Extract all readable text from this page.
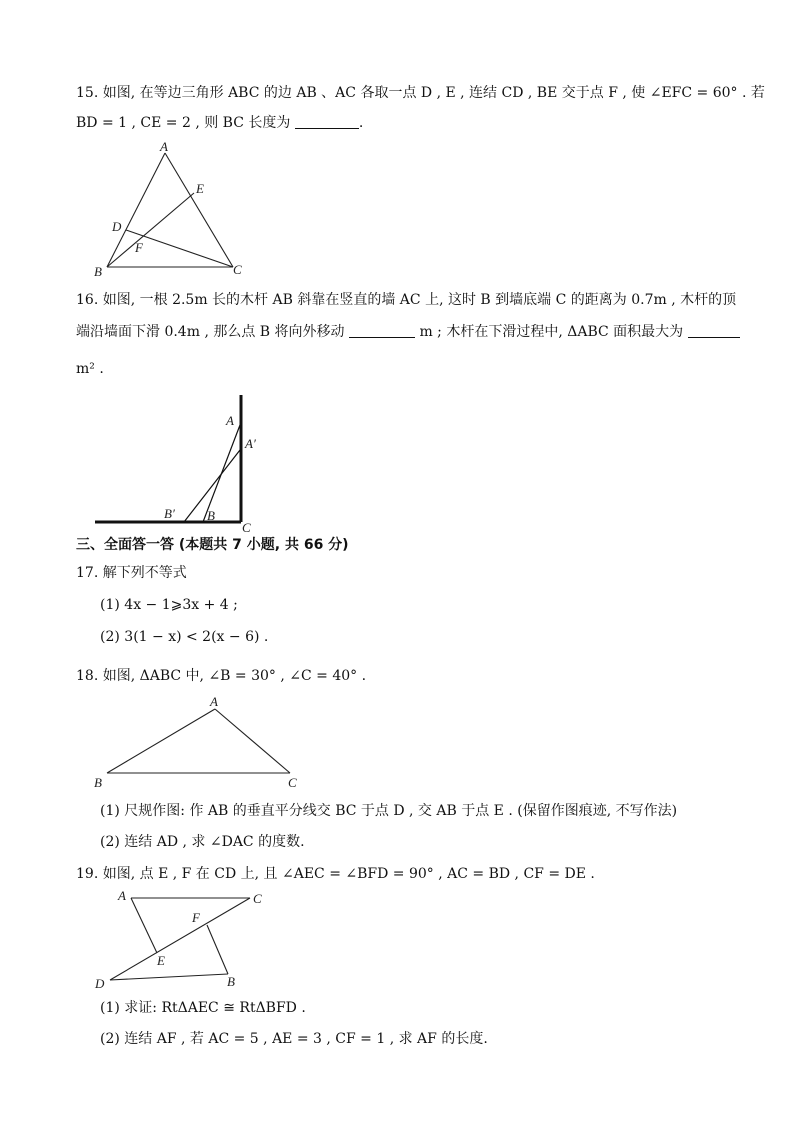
15. 如图, 在等边三角形 ABC 的边 AB 、AC 各取一点 D , E , 连结 CD , BE 交于点 F , 使 ∠EFC = 60° . 若
BD = 1 , CE = 2 , 则 BC 长度为	.
A
E
D
F
B	C
16. 如图, 一根 2.5m 长的木杆 AB 斜靠在竖直的墙 AC 上, 这时 B 到墙底端 C 的距离为 0.7m , 木杆的顶
端沿墙面下滑 0.4m , 那么点 B 将向外移动	m ; 木杆在下滑过程中, ΔABC 面积最大为
m² .
A
A′
B′ B
C
三、全面答一答 (本题共 7 小题, 共 66 分)
17. 解下列不等式
(1) 4x − 1⩾3x + 4 ;
(2) 3(1 − x) < 2(x − 6) .
18. 如图, ΔABC 中, ∠B = 30° , ∠C = 40° .
A
B	C
(1) 尺规作图: 作 AB 的垂直平分线交 BC 于点 D , 交 AB 于点 E . (保留作图痕迹, 不写作法)
(2) 连结 AD , 求 ∠DAC 的度数.
19. 如图, 点 E , F 在 CD 上, 且 ∠AEC = ∠BFD = 90° , AC = BD , CF = DE .
A	C
F
E
D	B
(1) 求证: RtΔAEC ≅ RtΔBFD .
(2) 连结 AF , 若 AC = 5 , AE = 3 , CF = 1 , 求 AF 的长度.
